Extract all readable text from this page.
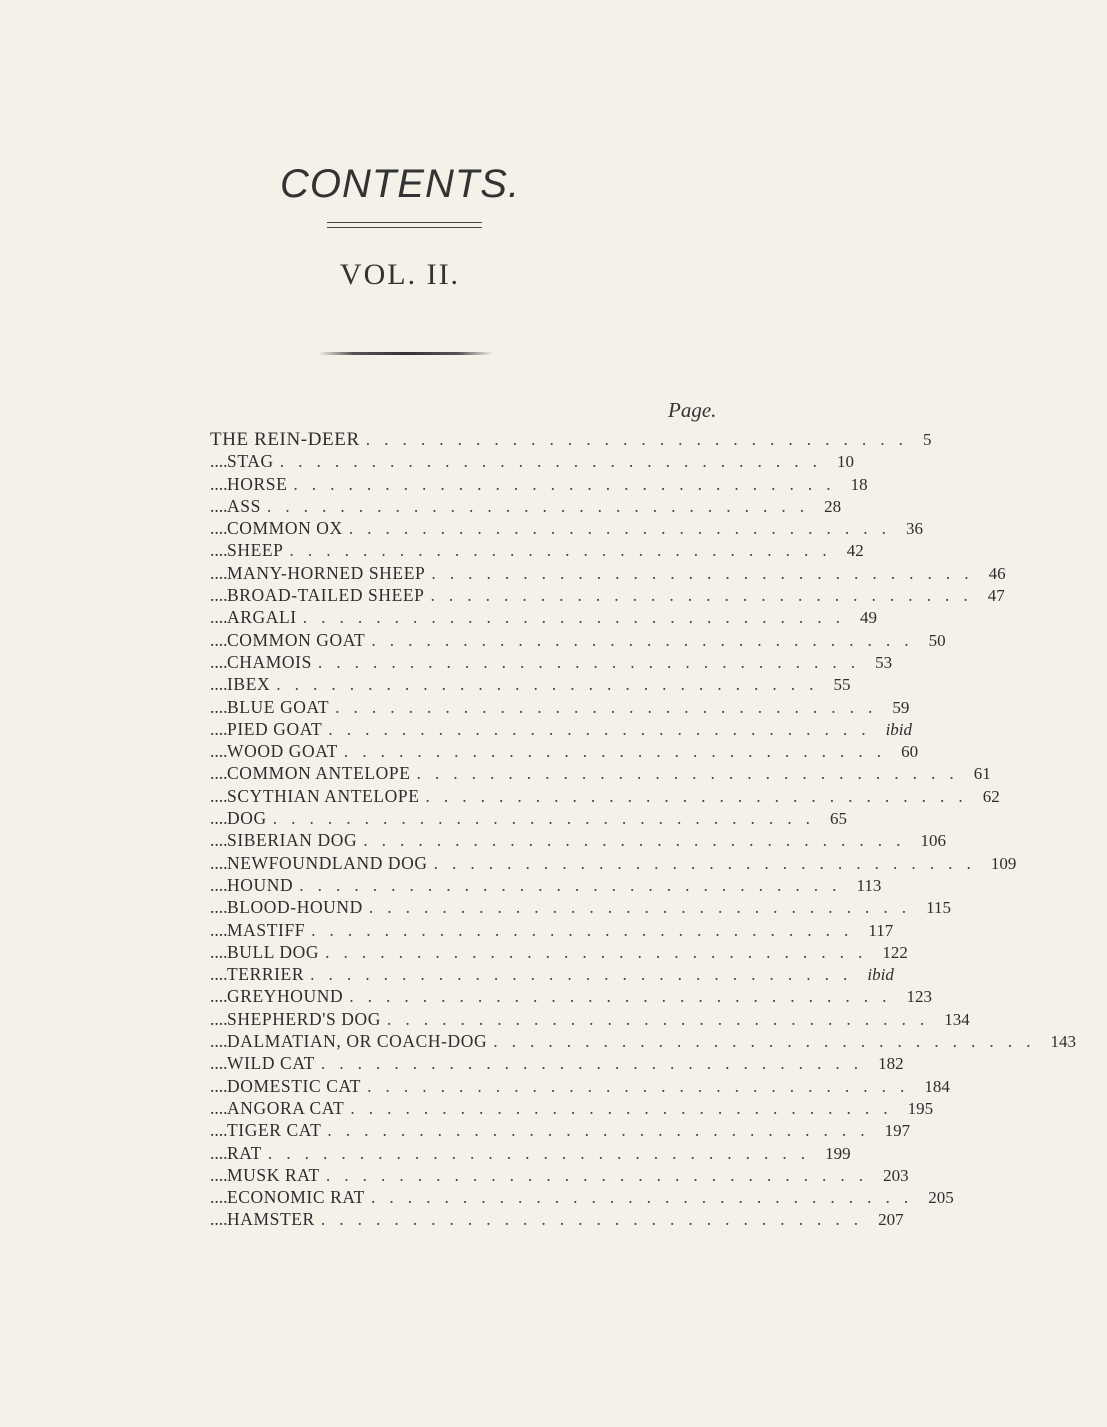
CONTENTS.
VOL. II.
Page.
THE REIN-DEER .............................. 5
.... STAG .............................. 10
.... HORSE .............................. 18
.... ASS .............................. 28
.... COMMON OX .............................. 36
.... SHEEP .............................. 42
.... MANY-HORNED SHEEP .............................. 46
.... BROAD-TAILED SHEEP .............................. 47
.... ARGALI .............................. 49
.... COMMON GOAT .............................. 50
.... CHAMOIS .............................. 53
.... IBEX .............................. 55
.... BLUE GOAT .............................. 59
.... PIED GOAT .............................. ibid
.... WOOD GOAT .............................. 60
.... COMMON ANTELOPE .............................. 61
.... SCYTHIAN ANTELOPE .............................. 62
.... DOG .............................. 65
.... SIBERIAN DOG .............................. 106
.... NEWFOUNDLAND DOG .............................. 109
.... HOUND .............................. 113
.... BLOOD-HOUND .............................. 115
.... MASTIFF .............................. 117
.... BULL DOG .............................. 122
.... TERRIER .............................. ibid
.... GREYHOUND .............................. 123
.... SHEPHERD'S DOG .............................. 134
.... DALMATIAN, OR COACH-DOG .............................. 143
.... WILD CAT .............................. 182
.... DOMESTIC CAT .............................. 184
.... ANGORA CAT .............................. 195
.... TIGER CAT .............................. 197
.... RAT .............................. 199
.... MUSK RAT .............................. 203
.... ECONOMIC RAT .............................. 205
.... HAMSTER .............................. 207
